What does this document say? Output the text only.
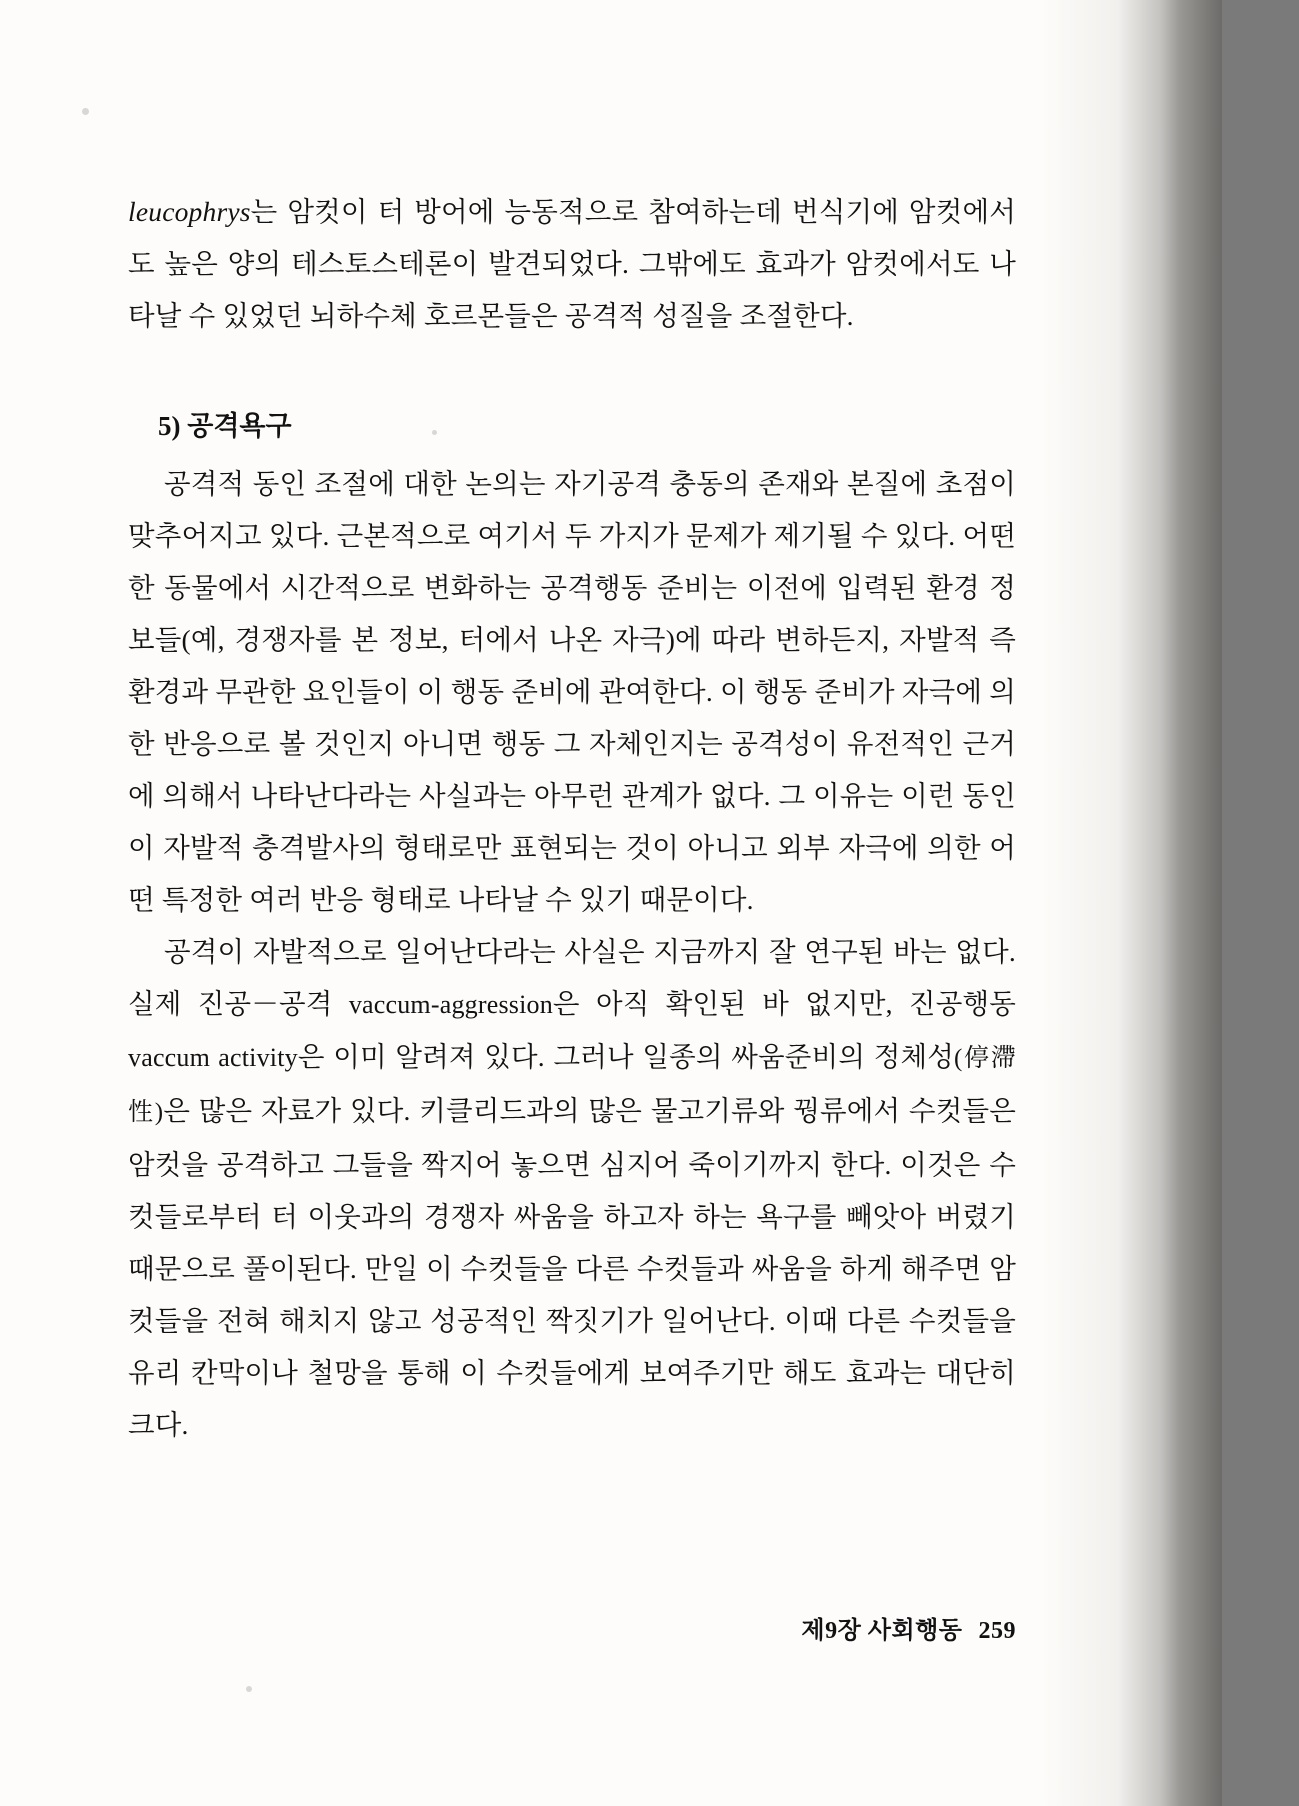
leucophrys는 암컷이 터 방어에 능동적으로 참여하는데 번식기에 암컷에서도 높은 양의 테스토스테론이 발견되었다. 그밖에도 효과가 암컷에서도 나타날 수 있었던 뇌하수체 호르몬들은 공격적 성질을 조절한다.

5) 공격욕구

공격적 동인 조절에 대한 논의는 자기공격 충동의 존재와 본질에 초점이 맞추어지고 있다. 근본적으로 여기서 두 가지가 문제가 제기될 수 있다. 어떤 한 동물에서 시간적으로 변화하는 공격행동 준비는 이전에 입력된 환경 정보들(예, 경쟁자를 본 정보, 터에서 나온 자극)에 따라 변하든지, 자발적 즉 환경과 무관한 요인들이 이 행동 준비에 관여한다. 이 행동 준비가 자극에 의한 반응으로 볼 것인지 아니면 행동 그 자체인지는 공격성이 유전적인 근거에 의해서 나타난다라는 사실과는 아무런 관계가 없다. 그 이유는 이런 동인이 자발적 충격발사의 형태로만 표현되는 것이 아니고 외부 자극에 의한 어떤 특정한 여러 반응 형태로 나타날 수 있기 때문이다.

공격이 자발적으로 일어난다라는 사실은 지금까지 잘 연구된 바는 없다. 실제 진공－공격 vaccum-aggression은 아직 확인된 바 없지만, 진공행동 vaccum activity은 이미 알려져 있다. 그러나 일종의 싸움준비의 정체성(停滯性)은 많은 자료가 있다. 키클리드과의 많은 물고기류와 꿩류에서 수컷들은 암컷을 공격하고 그들을 짝지어 놓으면 심지어 죽이기까지 한다. 이것은 수컷들로부터 터 이웃과의 경쟁자 싸움을 하고자 하는 욕구를 빼앗아 버렸기 때문으로 풀이된다. 만일 이 수컷들을 다른 수컷들과 싸움을 하게 해주면 암컷들을 전혀 해치지 않고 성공적인 짝짓기가 일어난다. 이때 다른 수컷들을 유리 칸막이나 철망을 통해 이 수컷들에게 보여주기만 해도 효과는 대단히 크다.

제9장 사회행동 259
